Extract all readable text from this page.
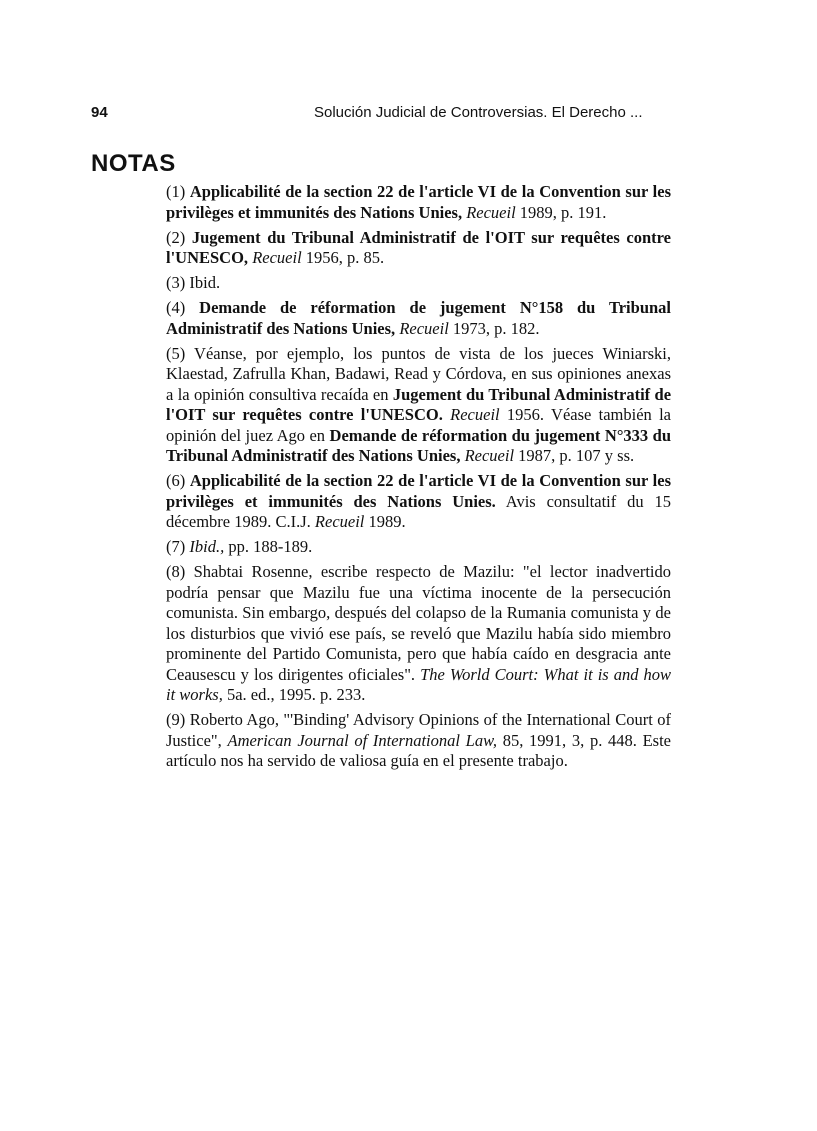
94	Solución Judicial de Controversias. El Derecho ...
NOTAS

(1) Applicabilité de la section 22 de l'article VI de la Convention sur les privilèges et immunités des Nations Unies, Recueil 1989, p. 191.

(2) Jugement du Tribunal Administratif de l'OIT sur requêtes contre l'UNESCO, Recueil 1956, p. 85.

(3) Ibid.

(4) Demande de réformation de jugement N°158 du Tribunal Administratif des Nations Unies, Recueil 1973, p. 182.

(5) Véanse, por ejemplo, los puntos de vista de los jueces Winiarski, Klaestad, Zafrulla Khan, Badawi, Read y Córdova, en sus opiniones anexas a la opinión consultiva recaída en Jugement du Tribunal Administratif de l'OIT sur requêtes contre l'UNESCO. Recueil 1956. Véase también la opinión del juez Ago en Demande de réformation du jugement N°333 du Tribunal Administratif des Nations Unies, Recueil 1987, p. 107 y ss.

(6) Applicabilité de la section 22 de l'article VI de la Convention sur les privilèges et immunités des Nations Unies. Avis consultatif du 15 décembre 1989. C.I.J. Recueil 1989.

(7) Ibid., pp. 188-189.

(8) Shabtai Rosenne, escribe respecto de Mazilu: "el lector inadvertido podría pensar que Mazilu fue una víctima inocente de la persecución comunista. Sin embargo, después del colapso de la Rumania comunista y de los disturbios que vivió ese país, se reveló que Mazilu había sido miembro prominente del Partido Comunista, pero que había caído en desgracia ante Ceausescu y los dirigentes oficiales". The World Court: What it is and how it works, 5a. ed., 1995. p. 233.

(9) Roberto Ago, "'Binding' Advisory Opinions of the International Court of Justice", American Journal of International Law, 85, 1991, 3, p. 448. Este artículo nos ha servido de valiosa guía en el presente trabajo.
